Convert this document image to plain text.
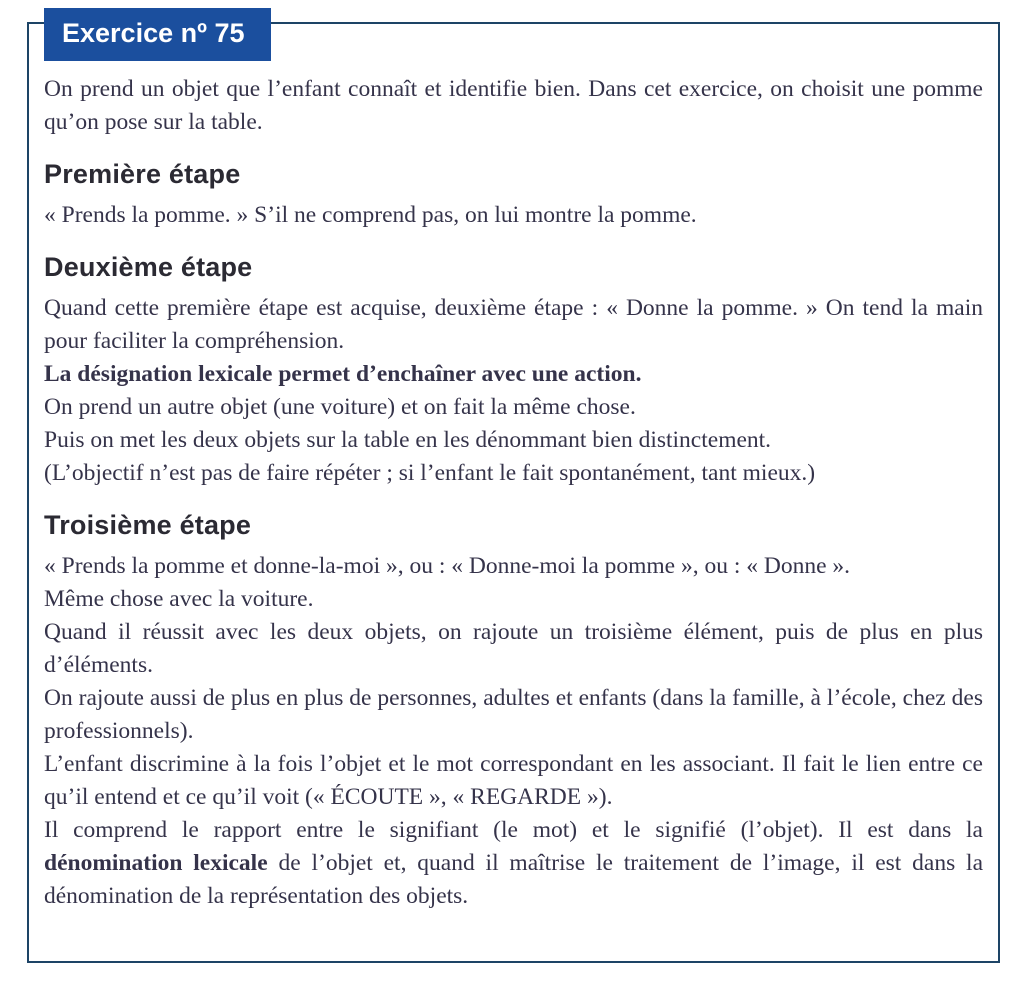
Exercice nº 75

On prend un objet que l’enfant connaît et identifie bien. Dans cet exercice, on choisit une pomme qu’on pose sur la table.

Première étape

« Prends la pomme. » S’il ne comprend pas, on lui montre la pomme.

Deuxième étape

Quand cette première étape est acquise, deuxième étape : « Donne la pomme. » On tend la main pour faciliter la compréhension.

La désignation lexicale permet d’enchaîner avec une action.

On prend un autre objet (une voiture) et on fait la même chose.

Puis on met les deux objets sur la table en les dénommant bien distinctement.

(L’objectif n’est pas de faire répéter ; si l’enfant le fait spontanément, tant mieux.)

Troisième étape

« Prends la pomme et donne-la-moi », ou : « Donne-moi la pomme », ou : « Donne ».

Même chose avec la voiture.

Quand il réussit avec les deux objets, on rajoute un troisième élément, puis de plus en plus d’éléments.

On rajoute aussi de plus en plus de personnes, adultes et enfants (dans la famille, à l’école, chez des professionnels).

L’enfant discrimine à la fois l’objet et le mot correspondant en les associant. Il fait le lien entre ce qu’il entend et ce qu’il voit (« ÉCOUTE », « REGARDE »).

Il comprend le rapport entre le signifiant (le mot) et le signifié (l’objet). Il est dans la dénomination lexicale de l’objet et, quand il maîtrise le traitement de l’image, il est dans la dénomination de la représentation des objets.
